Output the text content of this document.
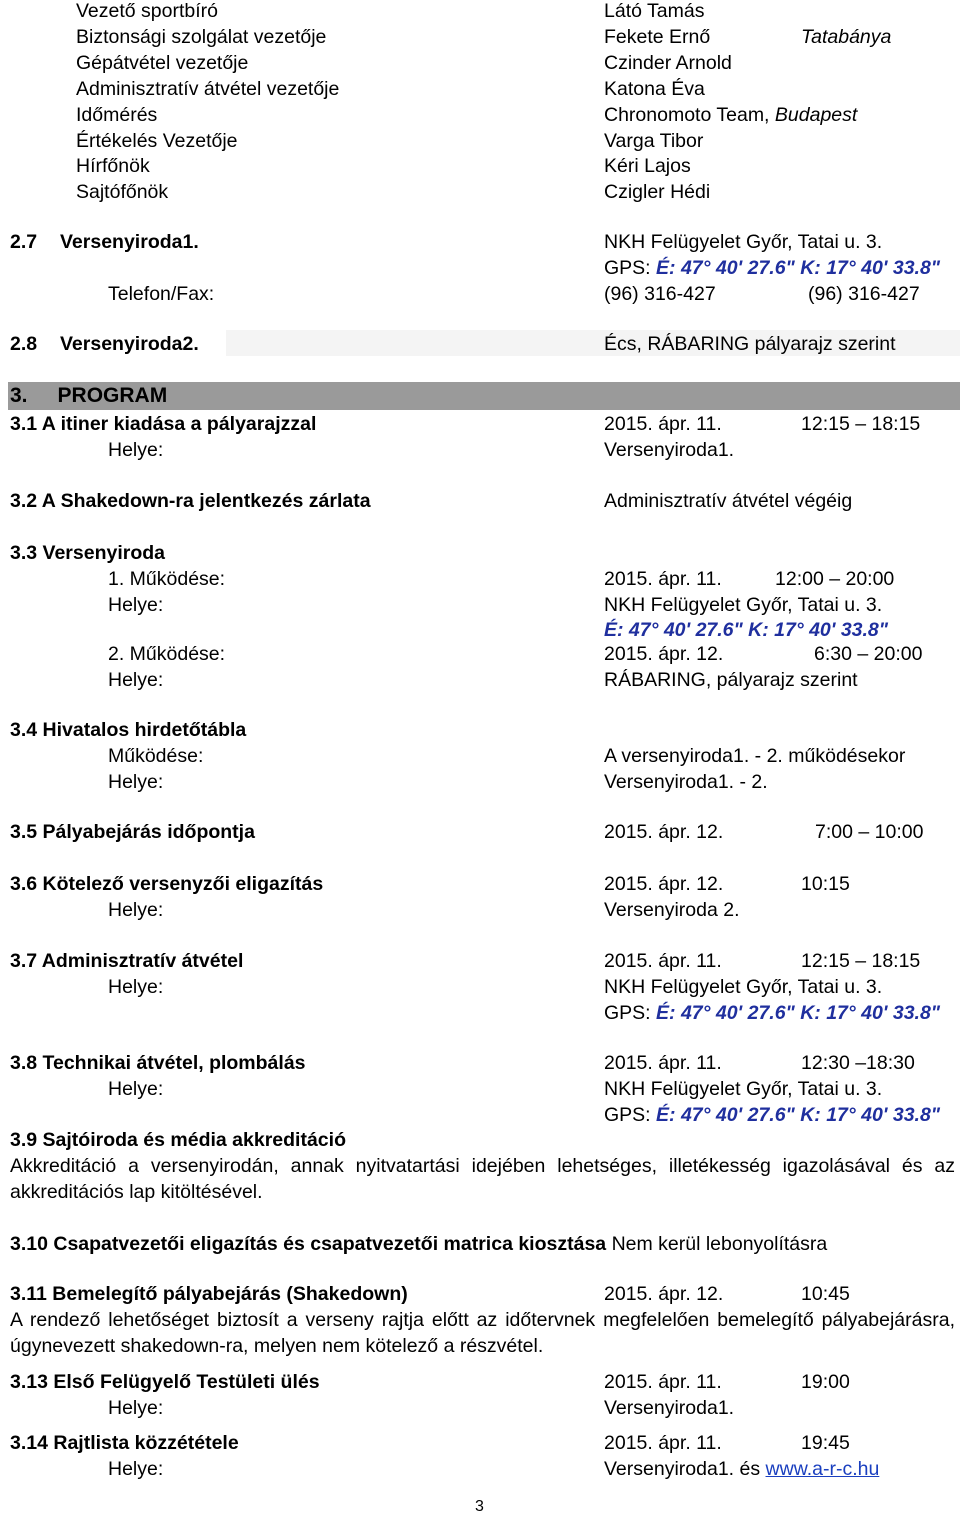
Vezető sportbíró	Látó Tamás
Biztonsági szolgálat vezetője	Fekete Ernő	Tatabánya
Gépátvétel vezetője	Czinder Arnold
Adminisztratív átvétel vezetője	Katona Éva
Időmérés	Chronomoto Team, Budapest
Értékelés Vezetője	Varga Tibor
Hírfőnök	Kéri Lajos
Sajtófőnök	Czigler Hédi
2.7 Versenyiroda1.	NKH Felügyelet Győr, Tatai u. 3.
GPS: É: 47° 40' 27.6" K: 17° 40' 33.8"
Telefon/Fax:	(96) 316-427	(96) 316-427
2.8 Versenyiroda2.	Écs, RÁBARING pályarajz szerint
3. PROGRAM
3.1 A itiner kiadása a pályarajzzal	2015. ápr. 11.	12:15 – 18:15
Helye:	Versenyiroda1.
3.2 A Shakedown-ra jelentkezés zárlata	Adminisztratív átvétel végéig
3.3 Versenyiroda
1. Működése:	2015. ápr. 11.	12:00 – 20:00
Helye:	NKH Felügyelet Győr, Tatai u. 3.
É: 47° 40' 27.6" K: 17° 40' 33.8"
2. Működése:	2015. ápr. 12.	6:30 – 20:00
Helye:	RÁBARING, pályarajz szerint
3.4 Hivatalos hirdetőtábla
Működése:	A versenyiroda1. - 2. működésekor
Helye:	Versenyiroda1. - 2.
3.5 Pályabejárás időpontja	2015. ápr. 12.	7:00 – 10:00
3.6 Kötelező versenyzői eligazítás	2015. ápr. 12.	10:15
Helye:	Versenyiroda 2.
3.7 Adminisztratív átvétel	2015. ápr. 11.	12:15 – 18:15
Helye:	NKH Felügyelet Győr, Tatai u. 3.
GPS: É: 47° 40' 27.6" K: 17° 40' 33.8"
3.8 Technikai átvétel, plombálás	2015. ápr. 11.	12:30 –18:30
Helye:	NKH Felügyelet Győr, Tatai u. 3.
GPS: É: 47° 40' 27.6" K: 17° 40' 33.8"
3.9 Sajtóiroda és média akkreditáció
Akkreditáció a versenyirodán, annak nyitvatartási idejében lehetséges, illetékesség igazolásával és az akkreditációs lap kitöltésével.
3.10 Csapatvezetői eligazítás és csapatvezetői matrica kiosztása Nem kerül lebonyolításra
3.11 Bemelegítő pályabejárás (Shakedown)	2015. ápr. 12.	10:45
A rendező lehetőséget biztosít a verseny rajtja előtt az időtervnek megfelelően bemelegítő pályabejárásra, úgynevezett shakedown-ra, melyen nem kötelező a részvétel.
3.13 Első Felügyelő Testületi ülés	2015. ápr. 11.	19:00
Helye:	Versenyiroda1.
3.14 Rajtlista közzététele	2015. ápr. 11.	19:45
Helye:	Versenyiroda1. és www.a-r-c.hu
3
